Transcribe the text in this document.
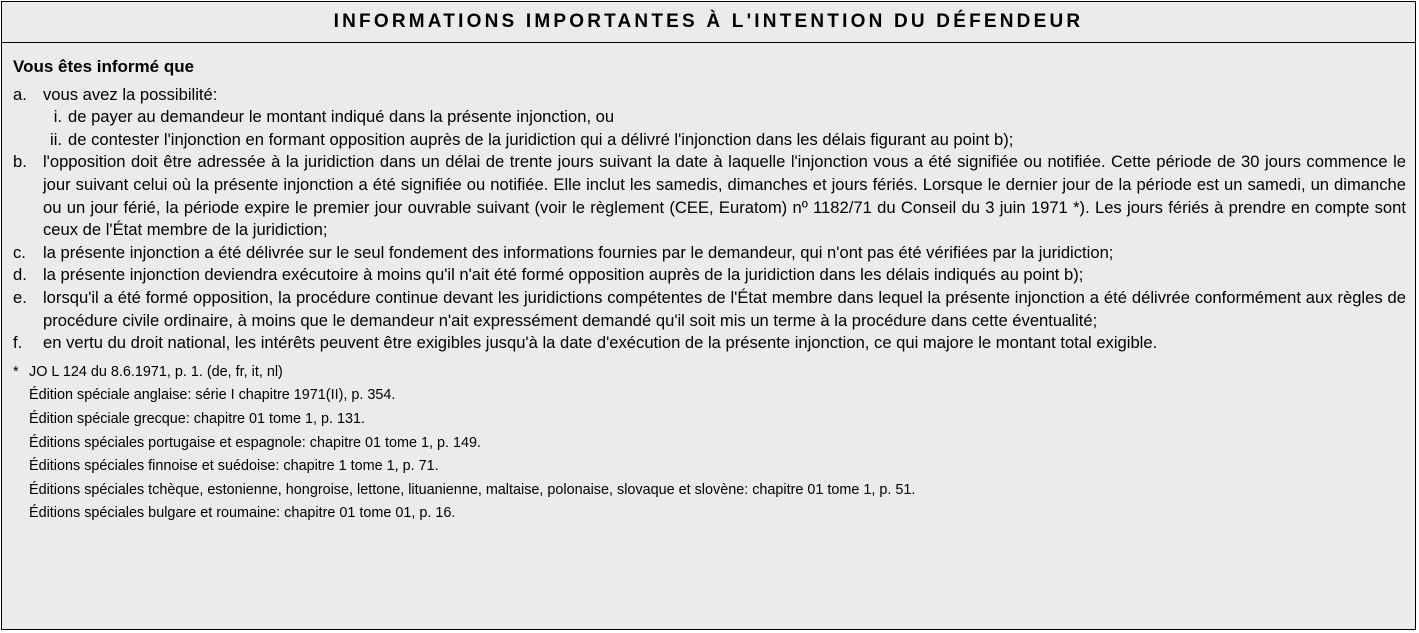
INFORMATIONS IMPORTANTES À L'INTENTION DU DÉFENDEUR
Vous êtes informé que
a. vous avez la possibilité:
i. de payer au demandeur le montant indiqué dans la présente injonction, ou
ii. de contester l'injonction en formant opposition auprès de la juridiction qui a délivré l'injonction dans les délais figurant au point b);
b. l'opposition doit être adressée à la juridiction dans un délai de trente jours suivant la date à laquelle l'injonction vous a été signifiée ou notifiée. Cette période de 30 jours commence le jour suivant celui où la présente injonction a été signifiée ou notifiée. Elle inclut les samedis, dimanches et jours fériés. Lorsque le dernier jour de la période est un samedi, un dimanche ou un jour férié, la période expire le premier jour ouvrable suivant (voir le règlement (CEE, Euratom) nº 1182/71 du Conseil du 3 juin 1971 *). Les jours fériés à prendre en compte sont ceux de l'État membre de la juridiction;
c.	la présente injonction a été délivrée sur le seul fondement des informations fournies par le demandeur, qui n'ont pas été vérifiées par la juridiction;
d. la présente injonction deviendra exécutoire à moins qu'il n'ait été formé opposition auprès de la juridiction dans les délais indiqués au point b);
e. lorsqu'il a été formé opposition, la procédure continue devant les juridictions compétentes de l'État membre dans lequel la présente injonction a été délivrée conformément aux règles de procédure civile ordinaire, à moins que le demandeur n'ait expressément demandé qu'il soit mis un terme à la procédure dans cette éventualité;
f.	en vertu du droit national, les intérêts peuvent être exigibles jusqu'à la date d'exécution de la présente injonction, ce qui majore le montant total exigible.
* JO L 124 du 8.6.1971, p. 1. (de, fr, it, nl)
Édition spéciale anglaise: série I chapitre 1971(II), p. 354.
Édition spéciale grecque: chapitre 01 tome 1, p. 131.
Éditions spéciales portugaise et espagnole: chapitre 01 tome 1, p. 149.
Éditions spéciales finnoise et suédoise: chapitre 1 tome 1, p. 71.
Éditions spéciales tchèque, estonienne, hongroise, lettone, lituanienne, maltaise, polonaise, slovaque et slovène: chapitre 01 tome 1, p. 51.
Éditions spéciales bulgare et roumaine: chapitre 01 tome 01, p. 16.
